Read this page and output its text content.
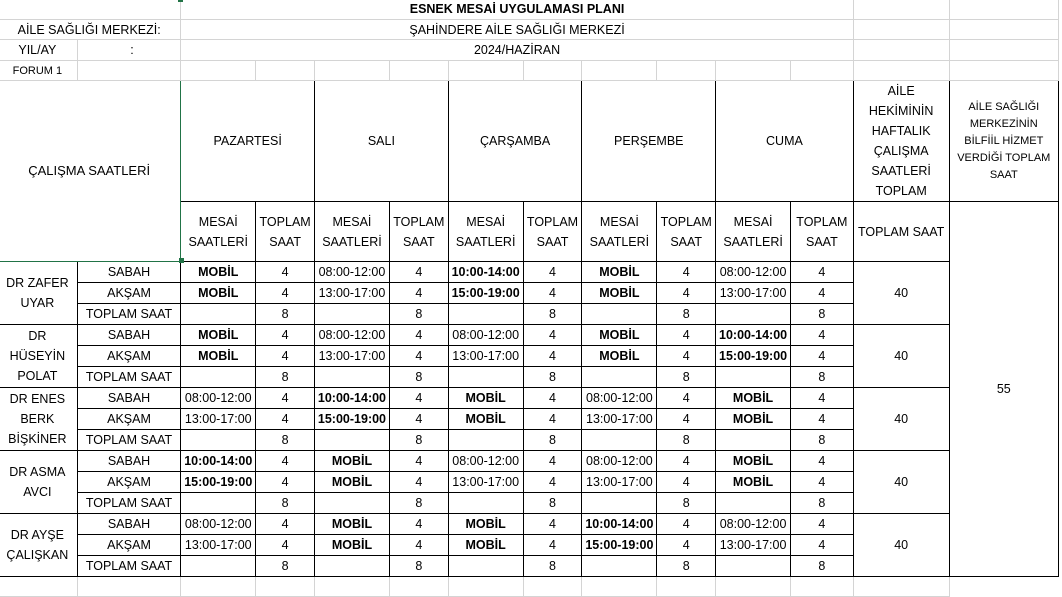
		ESNEK MESAİ UYGULAMASI PLANI											
AİLE SAĞLIĞI MERKEZİ:		ŞAHİNDERE AİLE SAĞLIĞI MERKEZİ											
YIL/AY	:	2024/HAZİRAN											
FORUM 1													
ÇALIŞMA SAATLERİ		PAZARTESİ		SALI		ÇARŞAMBA		PERŞEMBE		CUMA		AİLE HEKİMİNİN HAFTALIK ÇALIŞMA SAATLERİ TOPLAM	AİLE SAĞLIĞI MERKEZİNİN BİLFİİL HİZMET VERDİĞİ TOPLAM SAAT
		MESAİ SAATLERİ	TOPLAM SAAT	MESAİ SAATLERİ	TOPLAM SAAT	MESAİ SAATLERİ	TOPLAM SAAT	MESAİ SAATLERİ	TOPLAM SAAT	MESAİ SAATLERİ	TOPLAM SAAT	TOPLAM SAAT	55
DR ZAFER UYAR	SABAH	MOBİL	4	08:00-12:00	4	10:00-14:00	4	MOBİL	4	08:00-12:00	4	40	
	AKŞAM	MOBİL	4	13:00-17:00	4	15:00-19:00	4	MOBİL	4	13:00-17:00	4		
	TOPLAM SAAT		8		8		8		8		8		
DR HÜSEYİN POLAT	SABAH	MOBİL	4	08:00-12:00	4	08:00-12:00	4	MOBİL	4	10:00-14:00	4	40	
	AKŞAM	MOBİL	4	13:00-17:00	4	13:00-17:00	4	MOBİL	4	15:00-19:00	4		
	TOPLAM SAAT		8		8		8		8		8		
DR ENES BERK BİŞKİNER	SABAH	08:00-12:00	4	10:00-14:00	4	MOBİL	4	08:00-12:00	4	MOBİL	4	40	
	AKŞAM	13:00-17:00	4	15:00-19:00	4	MOBİL	4	13:00-17:00	4	MOBİL	4		
	TOPLAM SAAT		8		8		8		8		8		
DR ASMA AVCI	SABAH	10:00-14:00	4	MOBİL	4	08:00-12:00	4	08:00-12:00	4	MOBİL	4	40	
	AKŞAM	15:00-19:00	4	MOBİL	4	13:00-17:00	4	13:00-17:00	4	MOBİL	4		
	TOPLAM SAAT		8		8		8		8		8		
DR AYŞE ÇALIŞKAN	SABAH	08:00-12:00	4	MOBİL	4	MOBİL	4	10:00-14:00	4	08:00-12:00	4	40	
	AKŞAM	13:00-17:00	4	MOBİL	4	MOBİL	4	15:00-19:00	4	13:00-17:00	4		
	TOPLAM SAAT		8		8		8		8		8		
